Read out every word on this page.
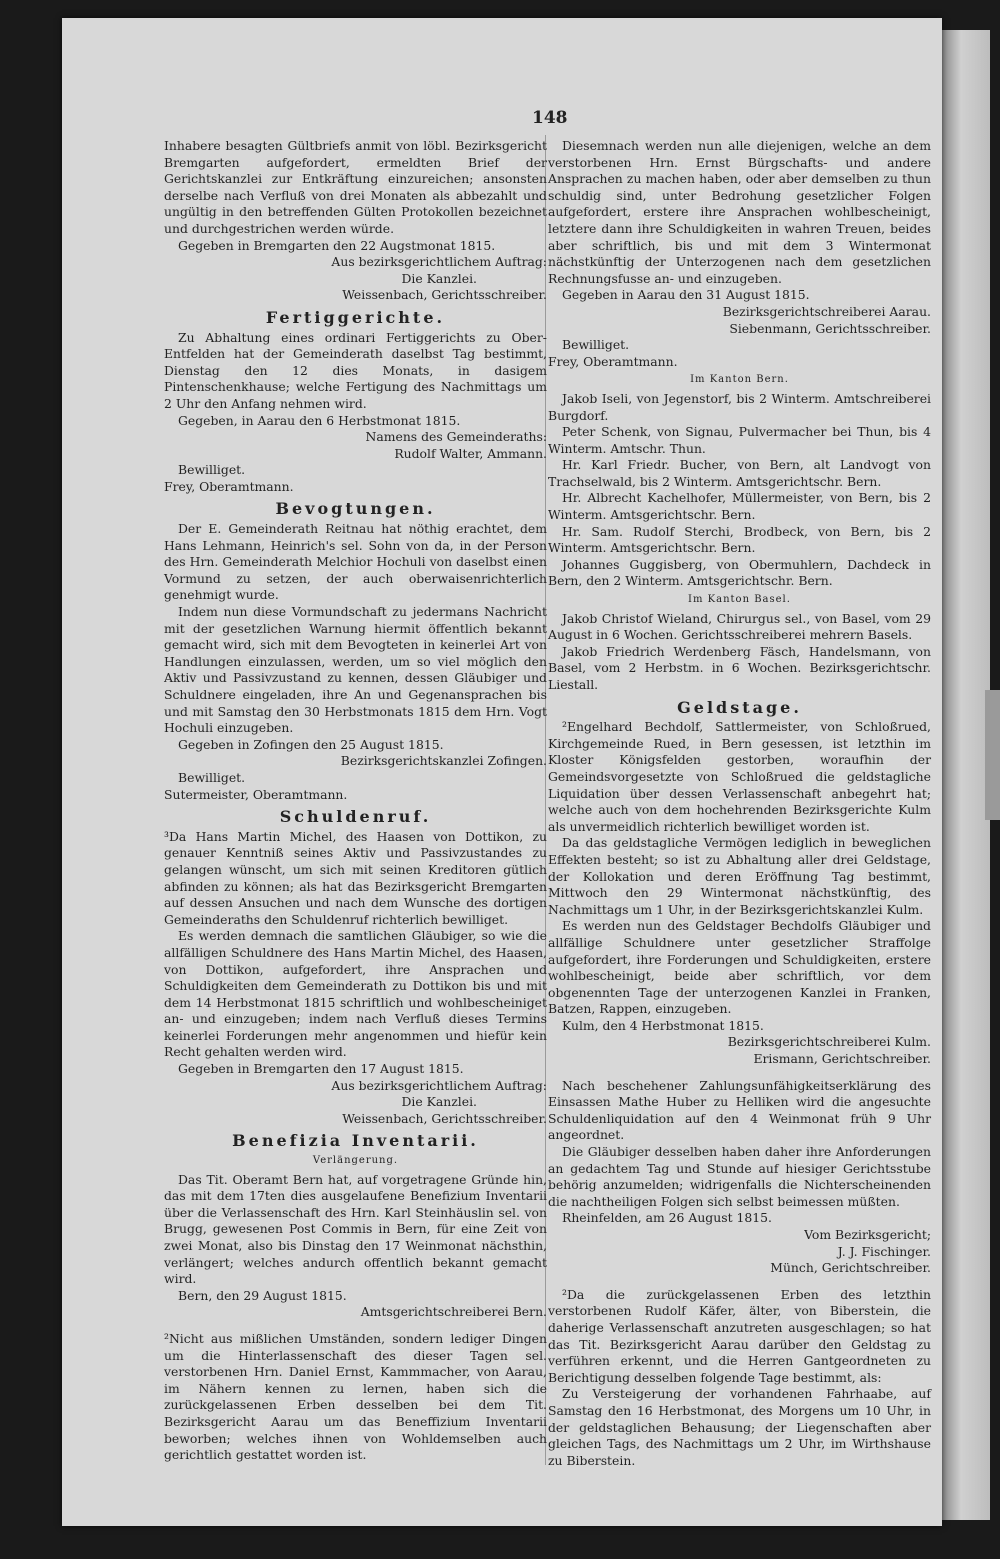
148

Inhabere besagten Gültbriefs anmit von löbl. Bezirksgericht Bremgarten aufgefordert, ermeldten Brief der Gerichtskanzlei zur Entkräftung einzureichen; ansonsten derselbe nach Verfluß von drei Monaten als abbezahlt und ungültig in den betreffenden Gülten Protokollen bezeichnet und durchgestrichen werden würde.

Gegeben in Bremgarten den 22 Augstmonat 1815.

Aus bezirksgerichtlichem Auftrag:

Die Kanzlei.

Weissenbach, Gerichtsschreiber.

Fertiggerichte.

Zu Abhaltung eines ordinari Fertiggerichts zu Ober-Entfelden hat der Gemeinderath daselbst Tag bestimmt, Dienstag den 12 dies Monats, in dasigem Pintenschenkhause; welche Fertigung des Nachmittags um 2 Uhr den Anfang nehmen wird.

Gegeben, in Aarau den 6 Herbstmonat 1815.

Namens des Gemeinderaths:

Rudolf Walter, Ammann.

Bewilliget.

Frey, Oberamtmann.

Bevogtungen.

Der E. Gemeinderath Reitnau hat nöthig erachtet, dem Hans Lehmann, Heinrich's sel. Sohn von da, in der Person des Hrn. Gemeinderath Melchior Hochuli von daselbst einen Vormund zu setzen, der auch oberwaisenrichterlich genehmigt wurde.

Indem nun diese Vormundschaft zu jedermans Nachricht mit der gesetzlichen Warnung hiermit öffentlich bekannt gemacht wird, sich mit dem Bevogteten in keinerlei Art von Handlungen einzulassen, werden, um so viel möglich den Aktiv und Passivzustand zu kennen, dessen Gläubiger und Schuldnere eingeladen, ihre An und Gegenansprachen bis und mit Samstag den 30 Herbstmonats 1815 dem Hrn. Vogt Hochuli einzugeben.

Gegeben in Zofingen den 25 August 1815.

Bezirksgerichtskanzlei Zofingen.

Bewilliget.

Sutermeister, Oberamtmann.

Schuldenruf.

³Da Hans Martin Michel, des Haasen von Dottikon, zu genauer Kenntniß seines Aktiv und Passivzustandes zu gelangen wünscht, um sich mit seinen Kreditoren gütlich abfinden zu können; als hat das Bezirksgericht Bremgarten auf dessen Ansuchen und nach dem Wunsche des dortigen Gemeinderaths den Schuldenruf richterlich bewilliget.

Es werden demnach die samtlichen Gläubiger, so wie die allfälligen Schuldnere des Hans Martin Michel, des Haasen, von Dottikon, aufgefordert, ihre Ansprachen und Schuldigkeiten dem Gemeinderath zu Dottikon bis und mit dem 14 Herbstmonat 1815 schriftlich und wohlbescheiniget an- und einzugeben; indem nach Verfluß dieses Termins keinerlei Forderungen mehr angenommen und hiefür kein Recht gehalten werden wird.

Gegeben in Bremgarten den 17 August 1815.

Aus bezirksgerichtlichem Auftrag:

Die Kanzlei.

Weissenbach, Gerichtsschreiber.

Benefizia Inventarii.

Verlängerung.

Das Tit. Oberamt Bern hat, auf vorgetragene Gründe hin, das mit dem 17ten dies ausgelaufene Benefizium Inventarii über die Verlassenschaft des Hrn. Karl Steinhäuslin sel. von Brugg, gewesenen Post Commis in Bern, für eine Zeit von zwei Monat, also bis Dinstag den 17 Weinmonat nächsthin, verlängert; welches andurch offentlich bekannt gemacht wird.

Bern, den 29 August 1815.

Amtsgerichtschreiberei Bern.

²Nicht aus mißlichen Umständen, sondern lediger Dingen um die Hinterlassenschaft des dieser Tagen sel. verstorbenen Hrn. Daniel Ernst, Kammmacher, von Aarau, im Nähern kennen zu lernen, haben sich die zurückgelassenen Erben desselben bei dem Tit. Bezirksgericht Aarau um das Beneffizium Inventarii beworben; welches ihnen von Wohldemselben auch gerichtlich gestattet worden ist.

Diesemnach werden nun alle diejenigen, welche an dem verstorbenen Hrn. Ernst Bürgschafts- und andere Ansprachen zu machen haben, oder aber demselben zu thun schuldig sind, unter Bedrohung gesetzlicher Folgen aufgefordert, erstere ihre Ansprachen wohlbescheinigt, letztere dann ihre Schuldigkeiten in wahren Treuen, beides aber schriftlich, bis und mit dem 3 Wintermonat nächstkünftig der Unterzogenen nach dem gesetzlichen Rechnungsfusse an- und einzugeben.

Gegeben in Aarau den 31 August 1815.

Bezirksgerichtschreiberei Aarau.

Siebenmann, Gerichtsschreiber.

Bewilliget.

Frey, Oberamtmann.

Im Kanton Bern.

Jakob Iseli, von Jegenstorf, bis 2 Winterm. Amtschreiberei Burgdorf.

Peter Schenk, von Signau, Pulvermacher bei Thun, bis 4 Winterm. Amtschr. Thun.

Hr. Karl Friedr. Bucher, von Bern, alt Landvogt von Trachselwald, bis 2 Winterm. Amtsgerichtschr. Bern.

Hr. Albrecht Kachelhofer, Müllermeister, von Bern, bis 2 Winterm. Amtsgerichtschr. Bern.

Hr. Sam. Rudolf Sterchi, Brodbeck, von Bern, bis 2 Winterm. Amtsgerichtschr. Bern.

Johannes Guggisberg, von Obermuhlern, Dachdeck in Bern, den 2 Winterm. Amtsgerichtschr. Bern.

Im Kanton Basel.

Jakob Christof Wieland, Chirurgus sel., von Basel, vom 29 August in 6 Wochen. Gerichtsschreiberei mehrern Basels.

Jakob Friedrich Werdenberg Fäsch, Handelsmann, von Basel, vom 2 Herbstm. in 6 Wochen. Bezirksgerichtschr. Liestall.

Geldstage.

²Engelhard Bechdolf, Sattlermeister, von Schloßrued, Kirchgemeinde Rued, in Bern gesessen, ist letzthin im Kloster Königsfelden gestorben, woraufhin der Gemeindsvorgesetzte von Schloßrued die geldstagliche Liquidation über dessen Verlassenschaft anbegehrt hat; welche auch von dem hochehrenden Bezirksgerichte Kulm als unvermeidlich richterlich bewilliget worden ist.

Da das geldstagliche Vermögen lediglich in beweglichen Effekten besteht; so ist zu Abhaltung aller drei Geldstage, der Kollokation und deren Eröffnung Tag bestimmt, Mittwoch den 29 Wintermonat nächstkünftig, des Nachmittags um 1 Uhr, in der Bezirksgerichtskanzlei Kulm.

Es werden nun des Geldstager Bechdolfs Gläubiger und allfällige Schuldnere unter gesetzlicher Straffolge aufgefordert, ihre Forderungen und Schuldigkeiten, erstere wohlbescheinigt, beide aber schriftlich, vor dem obgenennten Tage der unterzogenen Kanzlei in Franken, Batzen, Rappen, einzugeben.

Kulm, den 4 Herbstmonat 1815.

Bezirksgerichtschreiberei Kulm.

Erismann, Gerichtschreiber.

Nach beschehener Zahlungsunfähigkeitserklärung des Einsassen Mathe Huber zu Helliken wird die angesuchte Schuldenliquidation auf den 4 Weinmonat früh 9 Uhr angeordnet.

Die Gläubiger desselben haben daher ihre Anforderungen an gedachtem Tag und Stunde auf hiesiger Gerichtsstube behörig anzumelden; widrigenfalls die Nichterscheinenden die nachtheiligen Folgen sich selbst beimessen müßten.

Rheinfelden, am 26 August 1815.

Vom Bezirksgericht;

J. J. Fischinger.

Münch, Gerichtschreiber.

²Da die zurückgelassenen Erben des letzthin verstorbenen Rudolf Käfer, älter, von Biberstein, die daherige Verlassenschaft anzutreten ausgeschlagen; so hat das Tit. Bezirksgericht Aarau darüber den Geldstag zu verführen erkennt, und die Herren Gantgeordneten zu Berichtigung desselben folgende Tage bestimmt, als:

Zu Versteigerung der vorhandenen Fahrhaabe, auf Samstag den 16 Herbstmonat, des Morgens um 10 Uhr, in der geldstaglichen Behausung; der Liegenschaften aber gleichen Tags, des Nachmittags um 2 Uhr, im Wirthshause zu Biberstein.
